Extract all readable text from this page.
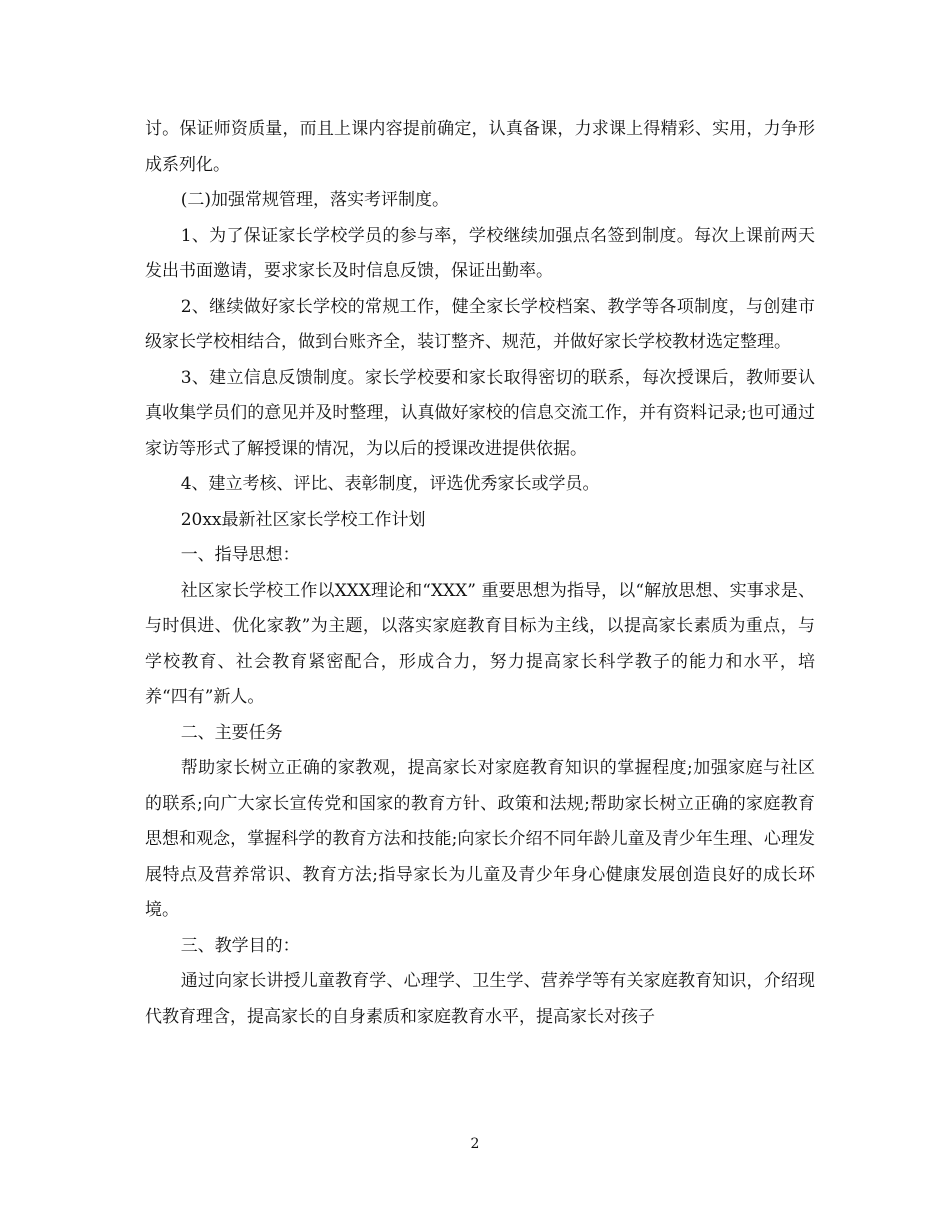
讨。保证师资质量，而且上课内容提前确定，认真备课，力求课上得精彩、实用，力争形成系列化。

(二)加强常规管理，落实考评制度。

1、为了保证家长学校学员的参与率，学校继续加强点名签到制度。每次上课前两天发出书面邀请，要求家长及时信息反馈，保证出勤率。

2、继续做好家长学校的常规工作，健全家长学校档案、教学等各项制度，与创建市级家长学校相结合，做到台账齐全，装订整齐、规范，并做好家长学校教材选定整理。

3、建立信息反馈制度。家长学校要和家长取得密切的联系，每次授课后，教师要认真收集学员们的意见并及时整理，认真做好家校的信息交流工作，并有资料记录;也可通过家访等形式了解授课的情况，为以后的授课改进提供依据。

4、建立考核、评比、表彰制度，评选优秀家长或学员。

20xx最新社区家长学校工作计划

一、指导思想：

社区家长学校工作以XXX理论和“XXX” 重要思想为指导，以“解放思想、实事求是、与时俱进、优化家教”为主题，以落实家庭教育目标为主线，以提高家长素质为重点，与学校教育、社会教育紧密配合，形成合力，努力提高家长科学教子的能力和水平，培养“四有”新人。

二、主要任务

帮助家长树立正确的家教观，提高家长对家庭教育知识的掌握程度;加强家庭与社区的联系;向广大家长宣传党和国家的教育方针、政策和法规;帮助家长树立正确的家庭教育思想和观念，掌握科学的教育方法和技能;向家长介绍不同年龄儿童及青少年生理、心理发展特点及营养常识、教育方法;指导家长为儿童及青少年身心健康发展创造良好的成长环境。

三、教学目的：

通过向家长讲授儿童教育学、心理学、卫生学、营养学等有关家庭教育知识，介绍现代教育理含，提高家长的自身素质和家庭教育水平，提高家长对孩子

2
